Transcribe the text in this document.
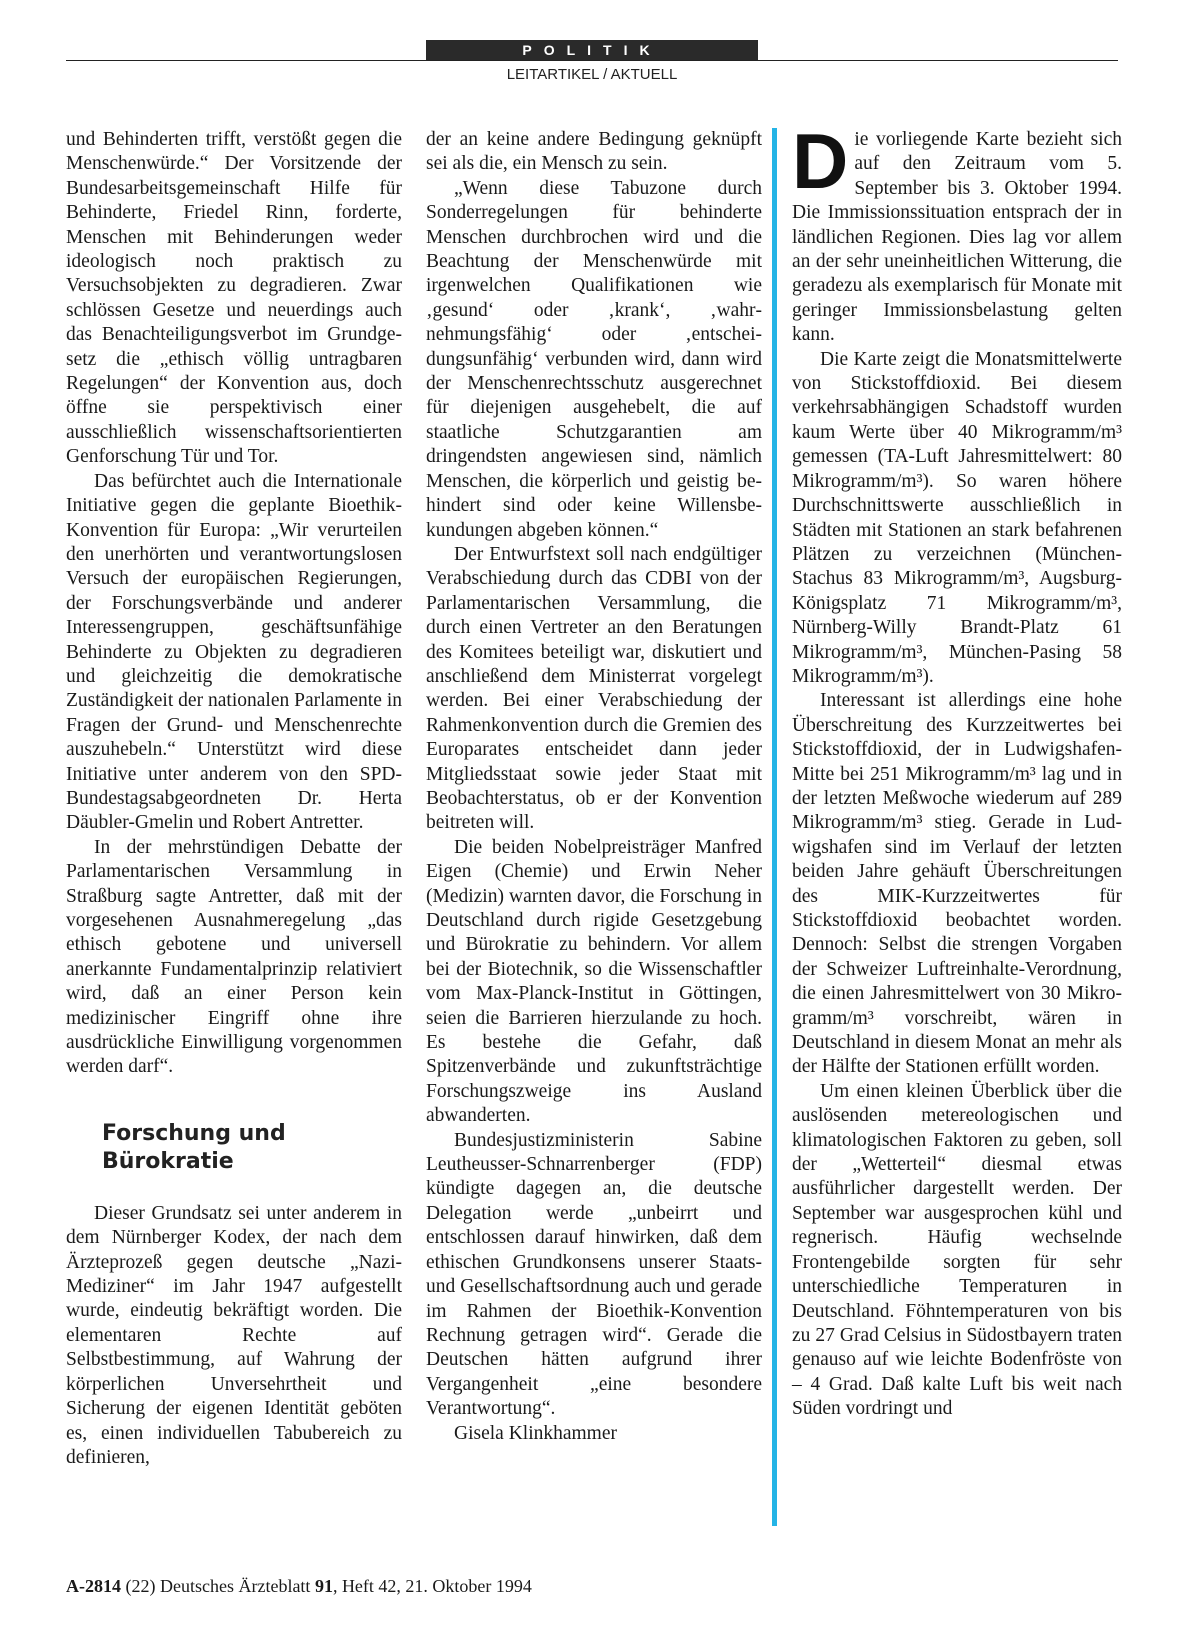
POLITIK
LEITARTIKEL / AKTUELL

und Behinderten trifft, verstößt gegen die Menschenwürde.“ Der Vorsitzende der Bundesarbeitsgemeinschaft Hilfe für Behinderte, Friedel Rinn, forderte, Menschen mit Behinderungen weder ideologisch noch praktisch zu Versuchsobjekten zu degradieren. Zwar schlössen Gesetze und neuerdings auch das Benachteiligungsverbot im Grundgesetz die „ethisch völlig untragbaren Regelungen“ der Konvention aus, doch öffne sie perspektivisch einer ausschließlich wissenschaftsorientierten Genforschung Tür und Tor.

Das befürchtet auch die Internationale Initiative gegen die geplante Bioethik-Konvention für Europa: „Wir verurteilen den unerhörten und verantwortungslosen Versuch der europäischen Regierungen, der Forschungsverbände und anderer Interessengruppen, geschäftsunfähige Behinderte zu Objekten zu degradieren und gleichzeitig die demokratische Zuständigkeit der nationalen Parlamente in Fragen der Grund- und Menschenrechte auszuhebeln.“ Unterstützt wird diese Initiative unter anderem von den SPD-Bundestagsabgeordneten Dr. Herta Däubler-Gmelin und Robert Antretter.

In der mehrstündigen Debatte der Parlamentarischen Versammlung in Straßburg sagte Antretter, daß mit der vorgesehenen Ausnahmeregelung „das ethisch gebotene und universell anerkannte Fundamentalprinzip relativiert wird, daß an einer Person kein medizinischer Eingriff ohne ihre ausdrückliche Einwilligung vorgenommen werden darf“.

Forschung und
Bürokratie

Dieser Grundsatz sei unter anderem in dem Nürnberger Kodex, der nach dem Ärzteprozeß gegen deutsche „Nazi-Mediziner“ im Jahr 1947 aufgestellt wurde, eindeutig bekräftigt worden. Die elementaren Rechte auf Selbstbestimmung, auf Wahrung der körperlichen Unversehrtheit und Sicherung der eigenen Identität geböten es, einen individuellen Tabubereich zu definieren,

der an keine andere Bedingung geknüpft sei als die, ein Mensch zu sein.

„Wenn diese Tabuzone durch Sonderregelungen für behinderte Menschen durchbrochen wird und die Beachtung der Menschenwürde mit irgenwelchen Qualifikationen wie ‚gesund‘ oder ‚krank‘, ‚wahrnehmungsfähig‘ oder ‚entscheidungsunfähig‘ verbunden wird, dann wird der Menschenrechtsschutz ausgerechnet für diejenigen ausgehebelt, die auf staatliche Schutzgarantien am dringendsten angewiesen sind, nämlich Menschen, die körperlich und geistig behindert sind oder keine Willensbekundungen abgeben können.“

Der Entwurfstext soll nach endgültiger Verabschiedung durch das CDBI von der Parlamentarischen Versammlung, die durch einen Vertreter an den Beratungen des Komitees beteiligt war, diskutiert und anschließend dem Ministerrat vorgelegt werden. Bei einer Verabschiedung der Rahmenkonvention durch die Gremien des Europarates entscheidet dann jeder Mitgliedsstaat sowie jeder Staat mit Beobachterstatus, ob er der Konvention beitreten will.

Die beiden Nobelpreisträger Manfred Eigen (Chemie) und Erwin Neher (Medizin) warnten davor, die Forschung in Deutschland durch rigide Gesetzgebung und Bürokratie zu behindern. Vor allem bei der Biotechnik, so die Wissenschaftler vom Max-Planck-Institut in Göttingen, seien die Barrieren hierzulande zu hoch. Es bestehe die Gefahr, daß Spitzenverbände und zukunftsträchtige Forschungszweige ins Ausland abwanderten.

Bundesjustizministerin Sabine Leutheusser-Schnarrenberger (FDP) kündigte dagegen an, die deutsche Delegation werde „unbeirrt und entschlossen darauf hinwirken, daß dem ethischen Grundkonsens unserer Staats- und Gesellschaftsordnung auch und gerade im Rahmen der Bioethik-Konvention Rechnung getragen wird“. Gerade die Deutschen hätten aufgrund ihrer Vergangenheit „eine besondere Verantwortung“.

Gisela Klinkhammer

Die vorliegende Karte bezieht sich auf den Zeitraum vom 5. September bis 3. Oktober 1994. Die Immissionssituation entsprach der in ländlichen Regionen. Dies lag vor allem an der sehr uneinheitlichen Witterung, die geradezu als exemplarisch für Monate mit geringer Immissionsbelastung gelten kann.

Die Karte zeigt die Monatsmittelwerte von Stickstoffdioxid. Bei diesem verkehrsabhängigen Schadstoff wurden kaum Werte über 40 Mikrogramm/m³ gemessen (TA-Luft Jahresmittelwert: 80 Mikrogramm/m³). So waren höhere Durchschnittswerte ausschließlich in Städten mit Stationen an stark befahrenen Plätzen zu verzeichnen (München-Stachus 83 Mikrogramm/m³, Augsburg-Königsplatz 71 Mikrogramm/m³, Nürnberg-Willy Brandt-Platz 61 Mikrogramm/m³, München-Pasing 58 Mikrogramm/m³).

Interessant ist allerdings eine hohe Überschreitung des Kurzzeitwertes bei Stickstoffdioxid, der in Ludwigshafen-Mitte bei 251 Mikrogramm/m³ lag und in der letzten Meßwoche wiederum auf 289 Mikrogramm/m³ stieg. Gerade in Ludwigshafen sind im Verlauf der letzten beiden Jahre gehäuft Überschreitungen des MIK-Kurzzeitwertes für Stickstoffdioxid beobachtet worden. Dennoch: Selbst die strengen Vorgaben der Schweizer Luftreinhalte-Verordnung, die einen Jahresmittelwert von 30 Mikrogramm/m³ vorschreibt, wären in Deutschland in diesem Monat an mehr als der Hälfte der Stationen erfüllt worden.

Um einen kleinen Überblick über die auslösenden metereologischen und klimatologischen Faktoren zu geben, soll der „Wetterteil“ diesmal etwas ausführlicher dargestellt werden. Der September war ausgesprochen kühl und regnerisch. Häufig wechselnde Frontengebilde sorgten für sehr unterschiedliche Temperaturen in Deutschland. Föhntemperaturen von bis zu 27 Grad Celsius in Südostbayern traten genauso auf wie leichte Bodenfröste von – 4 Grad. Daß kalte Luft bis weit nach Süden vordringt und

A-2814 (22) Deutsches Ärzteblatt 91, Heft 42, 21. Oktober 1994
